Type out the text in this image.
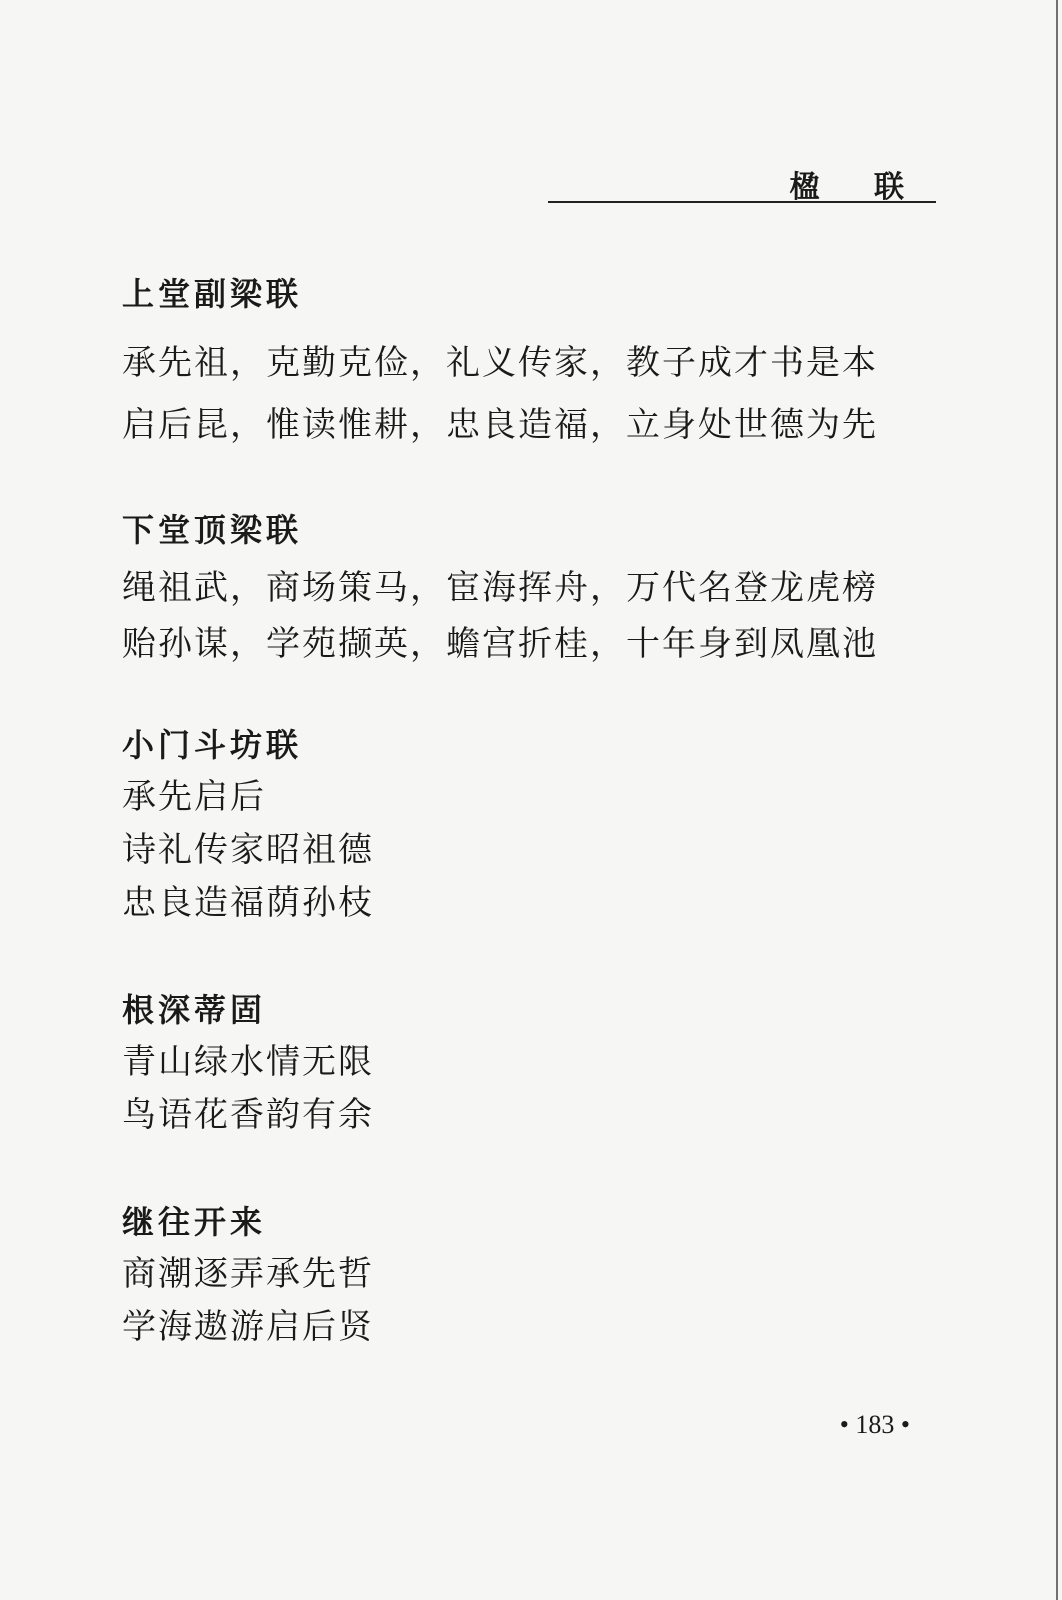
楹 联
上堂副梁联
承先祖，克勤克俭，礼义传家，教子成才书是本
启后昆，惟读惟耕，忠良造福，立身处世德为先
下堂顶梁联
绳祖武，商场策马，宦海挥舟，万代名登龙虎榜
贻孙谋，学苑撷英，蟾宫折桂，十年身到凤凰池
小门斗坊联
承先启后
诗礼传家昭祖德
忠良造福荫孙枝
根深蒂固
青山绿水情无限
鸟语花香韵有余
继往开来
商潮逐弄承先哲
学海遨游启后贤
• 183 •
